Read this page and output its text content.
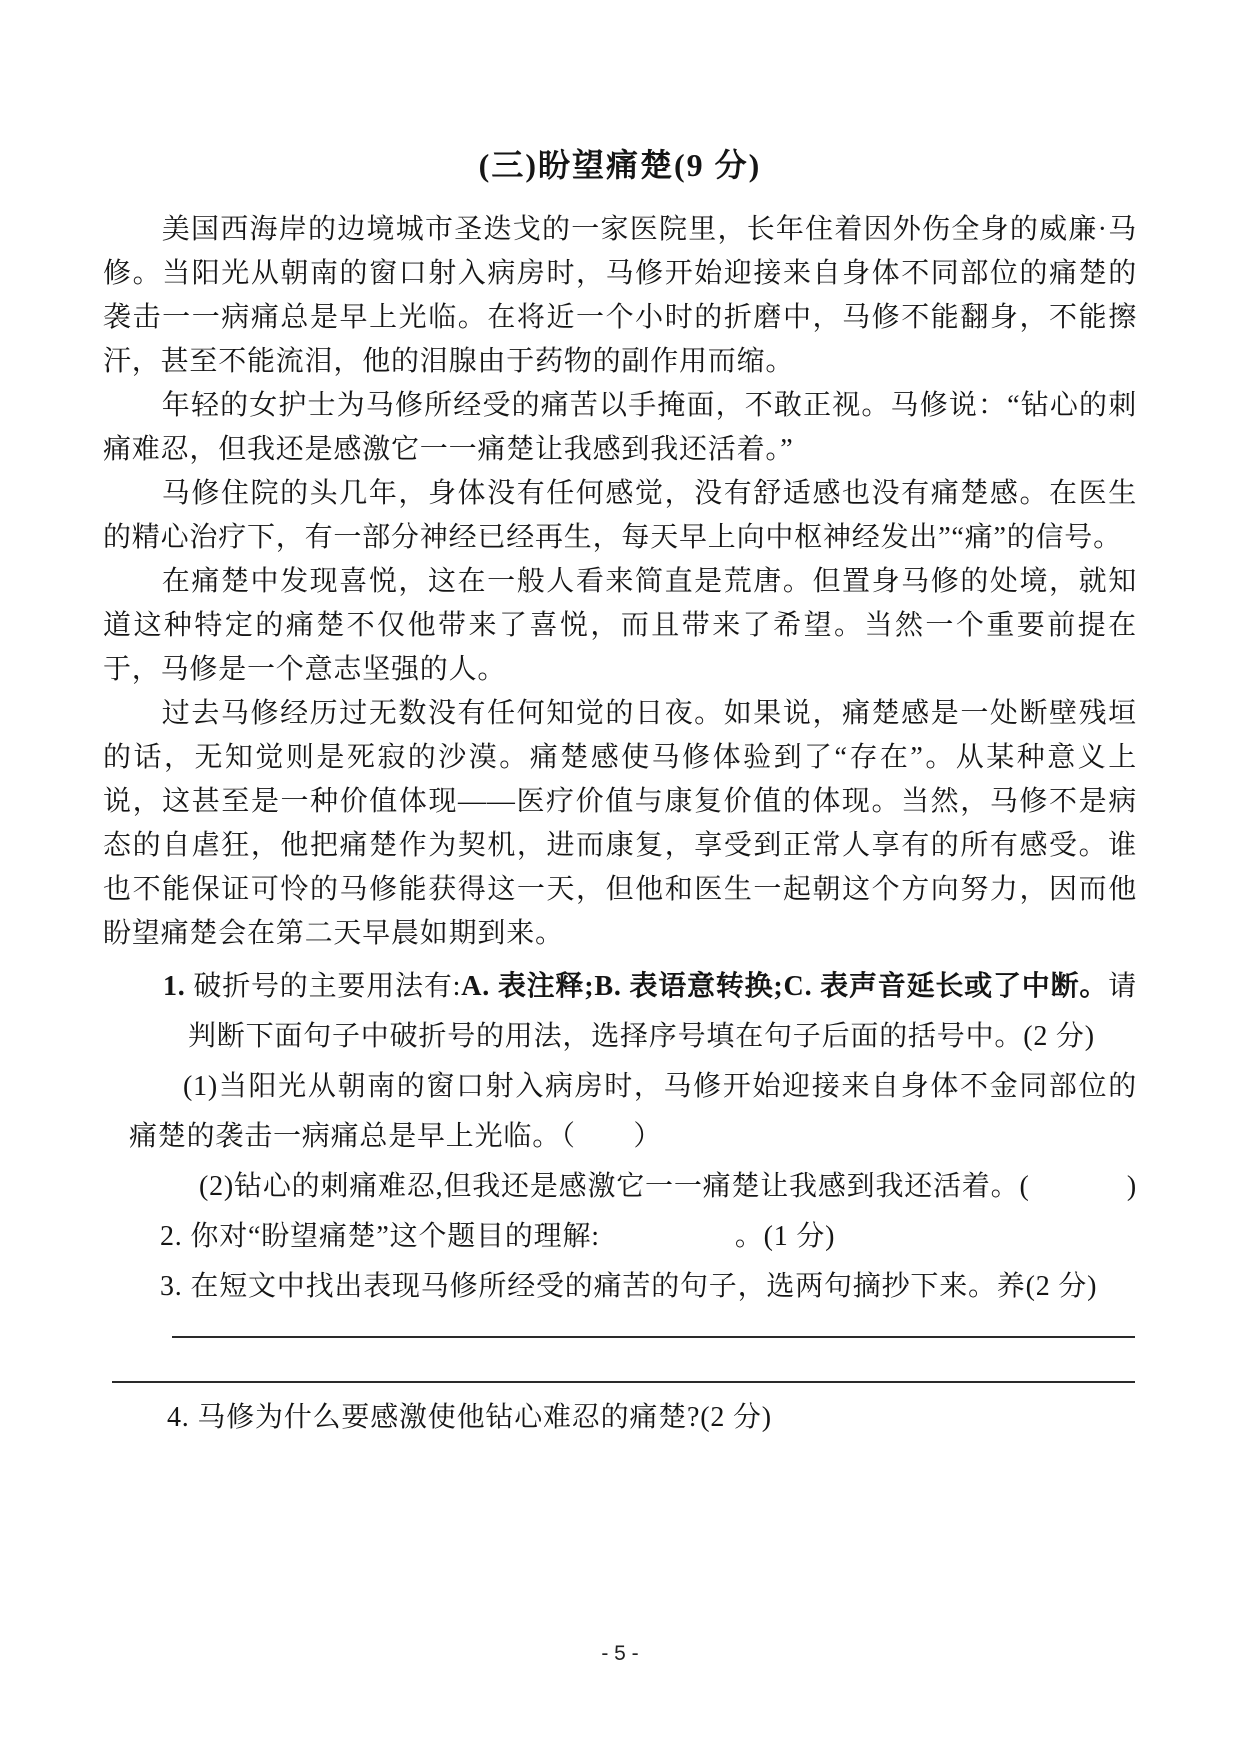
(三)盼望痛楚(9 分)

美国西海岸的边境城市圣迭戈的一家医院里，长年住着因外伤全身的威廉·马修。当阳光从朝南的窗口射入病房时，马修开始迎接来自身体不同部位的痛楚的袭击一一病痛总是早上光临。在将近一个小时的折磨中，马修不能翻身，不能擦汗，甚至不能流泪，他的泪腺由于药物的副作用而缩。

年轻的女护士为马修所经受的痛苦以手掩面，不敢正视。马修说：“钻心的刺痛难忍，但我还是感激它一一痛楚让我感到我还活着。”

马修住院的头几年，身体没有任何感觉，没有舒适感也没有痛楚感。在医生的精心治疗下，有一部分神经已经再生，每天早上向中枢神经发出”“痛”的信号。

在痛楚中发现喜悦，这在一般人看来简直是荒唐。但置身马修的处境，就知道这种特定的痛楚不仅他带来了喜悦，而且带来了希望。当然一个重要前提在于，马修是一个意志坚强的人。

过去马修经历过无数没有任何知觉的日夜。如果说，痛楚感是一处断壁残垣的话，无知觉则是死寂的沙漠。痛楚感使马修体验到了“存在”。从某种意义上说，这甚至是一种价值体现——医疗价值与康复价值的体现。当然，马修不是病态的自虐狂，他把痛楚作为契机，进而康复，享受到正常人享有的所有感受。谁也不能保证可怜的马修能获得这一天，但他和医生一起朝这个方向努力，因而他盼望痛楚会在第二天早晨如期到来。

1. 破折号的主要用法有:A. 表注释;B. 表语意转换;C. 表声音延长或了中断。请判断下面句子中破折号的用法，选择序号填在句子后面的括号中。(2 分)

(1)当阳光从朝南的窗口射入病房时，马修开始迎接来自身体不金同部位的痛楚的袭击一病痛总是早上光临。（　　）

(2)钻心的刺痛难忍,但我还是感激它一一痛楚让我感到我还活着。(	)

2. 你对“盼望痛楚”这个题目的理解:	。(1 分)

3. 在短文中找出表现马修所经受的痛苦的句子，选两句摘抄下来。养(2 分)

4. 马修为什么要感激使他钻心难忍的痛楚?(2 分)

- 5 -
